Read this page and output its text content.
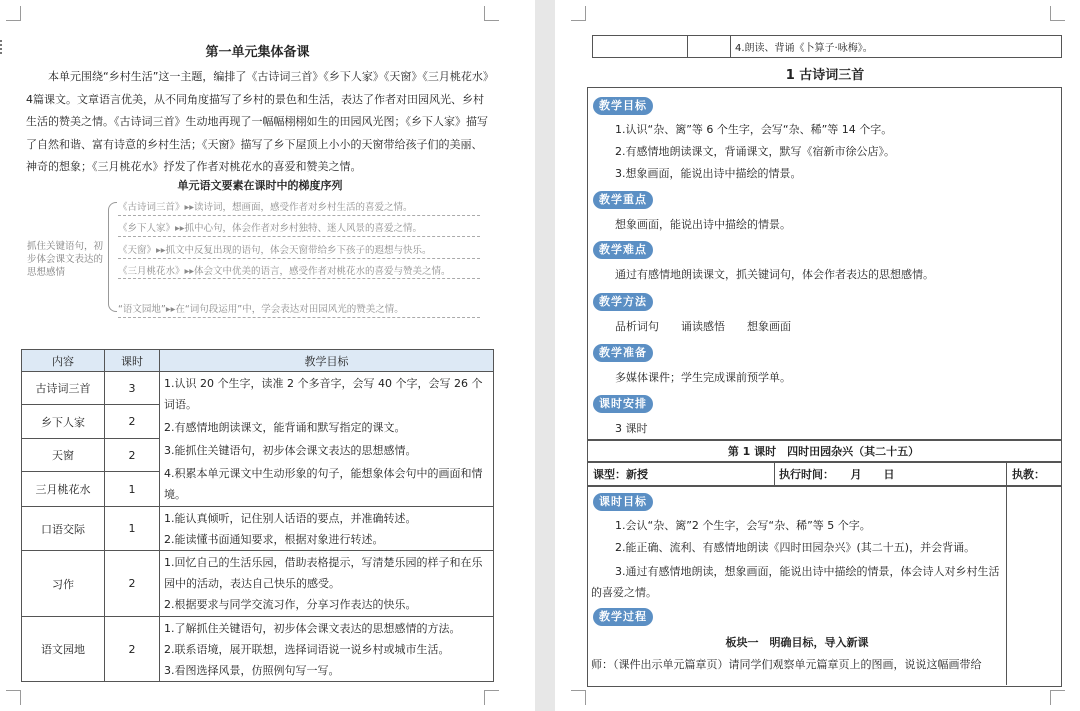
第一单元集体备课

本单元围绕“乡村生活”这一主题，编排了《古诗词三首》《乡下人家》《天窗》《三月桃花水》4篇课文。文章语言优美，从不同角度描写了乡村的景色和生活，表达了作者对田园风光、乡村生活的赞美之情。《古诗词三首》生动地再现了一幅幅栩栩如生的田园风光图；《乡下人家》描写了自然和谐、富有诗意的乡村生活；《天窗》描写了乡下屋顶上小小的天窗带给孩子们的美丽、神奇的想象；《三月桃花水》抒发了作者对桃花水的喜爱和赞美之情。

单元语文要素在课时中的梯度序列
抓住关键语句，初步体会课文表达的思想感情
《古诗词三首》▸▸读诗词，想画面，感受作者对乡村生活的喜爱之情。
《乡下人家》▸▸抓中心句，体会作者对乡村独特、迷人风景的喜爱之情。
《天窗》▸▸抓文中反复出现的语句，体会天窗带给乡下孩子的遐想与快乐。
《三月桃花水》▸▸体会文中优美的语言，感受作者对桃花水的喜爱与赞美之情。
“语文园地”▸▸在“词句段运用”中，学会表达对田园风光的赞美之情。
内容	课时	教学目标
古诗词三首	3	1.认识 20 个生字，读准 2 个多音字，会写 40 个字，会写 26 个词语。
2.有感情地朗读课文，能背诵和默写指定的课文。
3.能抓住关键语句，初步体会课文表达的思想感情。
4.积累本单元课文中生动形象的句子，能想象体会句中的画面和情境。

乡下人家	2	
天窗	2	
三月桃花水	1	
口语交际	1	1.能认真倾听，记住别人话语的要点，并准确转述。
2.能读懂书面通知要求，根据对象进行转述。

习作	2	1.回忆自己的生活乐园，借助表格提示，写清楚乐园的样子和在乐园中的活动，表达自己快乐的感受。
2.根据要求与同学交流习作，分享习作表达的快乐。

语文园地	2	1.了解抓住关键语句，初步体会课文表达的思想感情的方法。
2.联系语境，展开联想，选择词语说一说乡村或城市生活。
3.看图选择风景，仿照例句写一写。
		4.朗读、背诵《卜算子·咏梅》。
1 古诗词三首
教学目标
1.认识“杂、篱”等 6 个生字，会写“杂、稀”等 14 个字。
2.有感情地朗读课文，背诵课文，默写《宿新市徐公店》。
3.想象画面，能说出诗中描绘的情景。
教学重点
想象画面，能说出诗中描绘的情景。
教学难点
通过有感情地朗读课文，抓关键词句，体会作者表达的思想感情。
教学方法
品析词句　　诵读感悟　　想象画面
教学准备
多媒体课件；学生完成课前预学单。
课时安排
3 课时
第 1 课时　四时田园杂兴（其二十五）
课型：新授	执行时间：　　月　　日	执教：
课时目标
1.会认“杂、篱”2 个生字，会写“杂、稀”等 5 个字。
2.能正确、流利、有感情地朗读《四时田园杂兴》(其二十五)，并会背诵。
3.通过有感情地朗读，想象画面，能说出诗中描绘的情景，体会诗人对乡村生活的喜爱之情。
教学过程
板块一　明确目标，导入新课
师：（课件出示单元篇章页）请同学们观察单元篇章页上的图画，说说这幅画带给
